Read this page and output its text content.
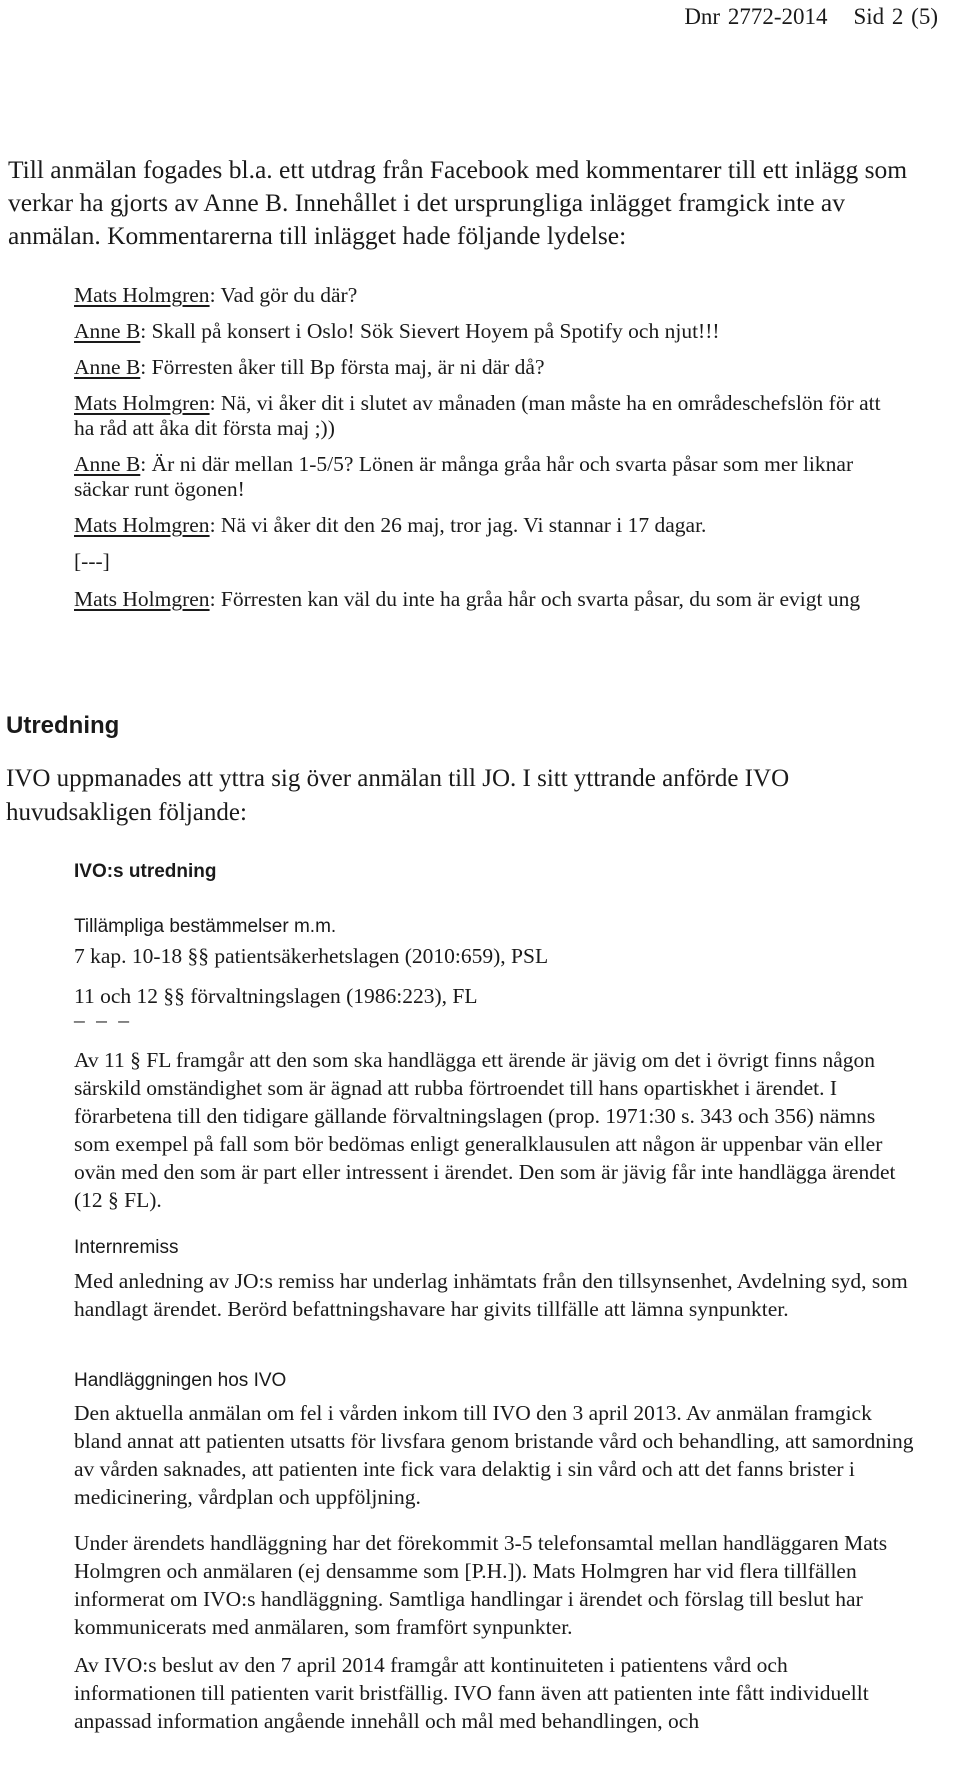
Dnr 2772-2014 Sid 2 (5)

Till anmälan fogades bl.a. ett utdrag från Facebook med kommentarer till ett inlägg som verkar ha gjorts av Anne B. Innehållet i det ursprungliga inlägget framgick inte av anmälan. Kommentarerna till inlägget hade följande lydelse:

Mats Holmgren: Vad gör du där?

Anne B: Skall på konsert i Oslo! Sök Sievert Hoyem på Spotify och njut!!!

Anne B: Förresten åker till Bp första maj, är ni där då?

Mats Holmgren: Nä, vi åker dit i slutet av månaden (man måste ha en områdeschefslön för att ha råd att åka dit första maj ;))

Anne B: Är ni där mellan 1-5/5? Lönen är många gråa hår och svarta påsar som mer liknar säckar runt ögonen!

Mats Holmgren: Nä vi åker dit den 26 maj, tror jag. Vi stannar i 17 dagar.

[---]

Mats Holmgren: Förresten kan väl du inte ha gråa hår och svarta påsar, du som är evigt ung

Utredning

IVO uppmanades att yttra sig över anmälan till JO. I sitt yttrande anförde IVO huvudsakligen följande:

IVO:s utredning
Tillämpliga bestämmelser m.m.
7 kap. 10-18 §§ patientsäkerhetslagen (2010:659), PSL
11 och 12 §§ förvaltningslagen (1986:223), FL
– – –

Av 11 § FL framgår att den som ska handlägga ett ärende är jävig om det i övrigt finns någon särskild omständighet som är ägnad att rubba förtroendet till hans opartiskhet i ärendet. I förarbetena till den tidigare gällande förvaltningslagen (prop. 1971:30 s. 343 och 356) nämns som exempel på fall som bör bedömas enligt generalklausulen att någon är uppenbar vän eller ovän med den som är part eller intressent i ärendet. Den som är jävig får inte handlägga ärendet (12 § FL).

Internremiss

Med anledning av JO:s remiss har underlag inhämtats från den tillsynsenhet, Avdelning syd, som handlagt ärendet. Berörd befattningshavare har givits tillfälle att lämna synpunkter.

Handläggningen hos IVO

Den aktuella anmälan om fel i vården inkom till IVO den 3 april 2013. Av anmälan framgick bland annat att patienten utsatts för livsfara genom bristande vård och behandling, att samordning av vården saknades, att patienten inte fick vara delaktig i sin vård och att det fanns brister i medicinering, vårdplan och uppföljning.

Under ärendets handläggning har det förekommit 3-5 telefonsamtal mellan handläggaren Mats Holmgren och anmälaren (ej densamme som [P.H.]). Mats Holmgren har vid flera tillfällen informerat om IVO:s handläggning. Samtliga handlingar i ärendet och förslag till beslut har kommunicerats med anmälaren, som framfört synpunkter.

Av IVO:s beslut av den 7 april 2014 framgår att kontinuiteten i patientens vård och informationen till patienten varit bristfällig. IVO fann även att patienten inte fått individuellt anpassad information angående innehåll och mål med behandlingen, och
